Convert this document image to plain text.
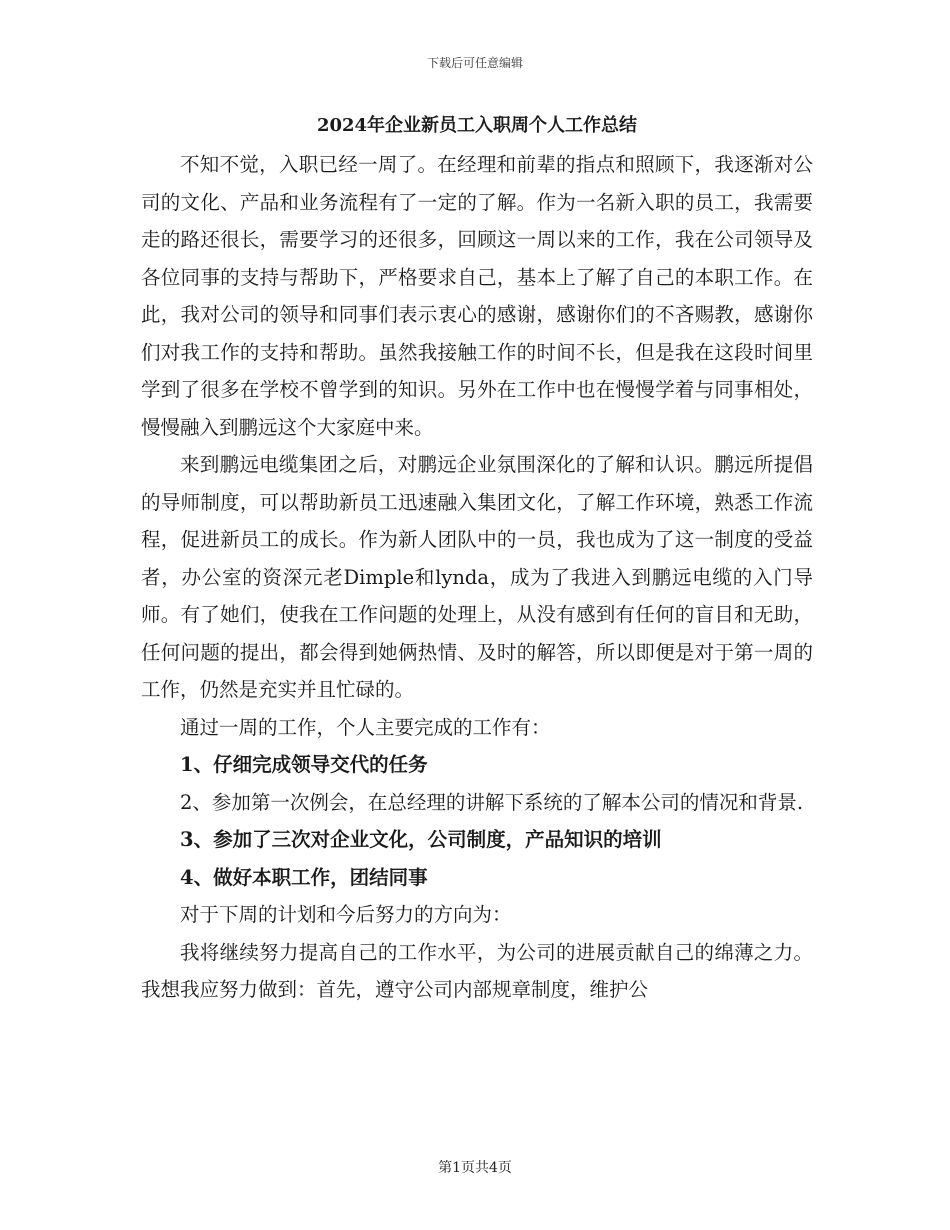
下载后可任意编辑
2024年企业新员工入职周个人工作总结

不知不觉，入职已经一周了。在经理和前辈的指点和照顾下，我逐渐对公司的文化、产品和业务流程有了一定的了解。作为一名新入职的员工，我需要走的路还很长，需要学习的还很多，回顾这一周以来的工作，我在公司领导及各位同事的支持与帮助下，严格要求自己，基本上了解了自己的本职工作。在此，我对公司的领导和同事们表示衷心的感谢，感谢你们的不吝赐教，感谢你们对我工作的支持和帮助。虽然我接触工作的时间不长，但是我在这段时间里学到了很多在学校不曾学到的知识。另外在工作中也在慢慢学着与同事相处，慢慢融入到鹏远这个大家庭中来。

来到鹏远电缆集团之后，对鹏远企业氛围深化的了解和认识。鹏远所提倡的导师制度，可以帮助新员工迅速融入集团文化，了解工作环境，熟悉工作流程，促进新员工的成长。作为新人团队中的一员，我也成为了这一制度的受益者，办公室的资深元老Dimple和lynda，成为了我进入到鹏远电缆的入门导师。有了她们，使我在工作问题的处理上，从没有感到有任何的盲目和无助，任何问题的提出，都会得到她俩热情、及时的解答，所以即便是对于第一周的工作，仍然是充实并且忙碌的。

通过一周的工作，个人主要完成的工作有：

1、仔细完成领导交代的任务

2、参加第一次例会，在总经理的讲解下系统的了解本公司的情况和背景.

3、参加了三次对企业文化，公司制度，产品知识的培训

4、做好本职工作，团结同事

对于下周的计划和今后努力的方向为：

我将继续努力提高自己的工作水平，为公司的进展贡献自己的绵薄之力。我想我应努力做到：首先，遵守公司内部规章制度，维护公

第1页共4页
